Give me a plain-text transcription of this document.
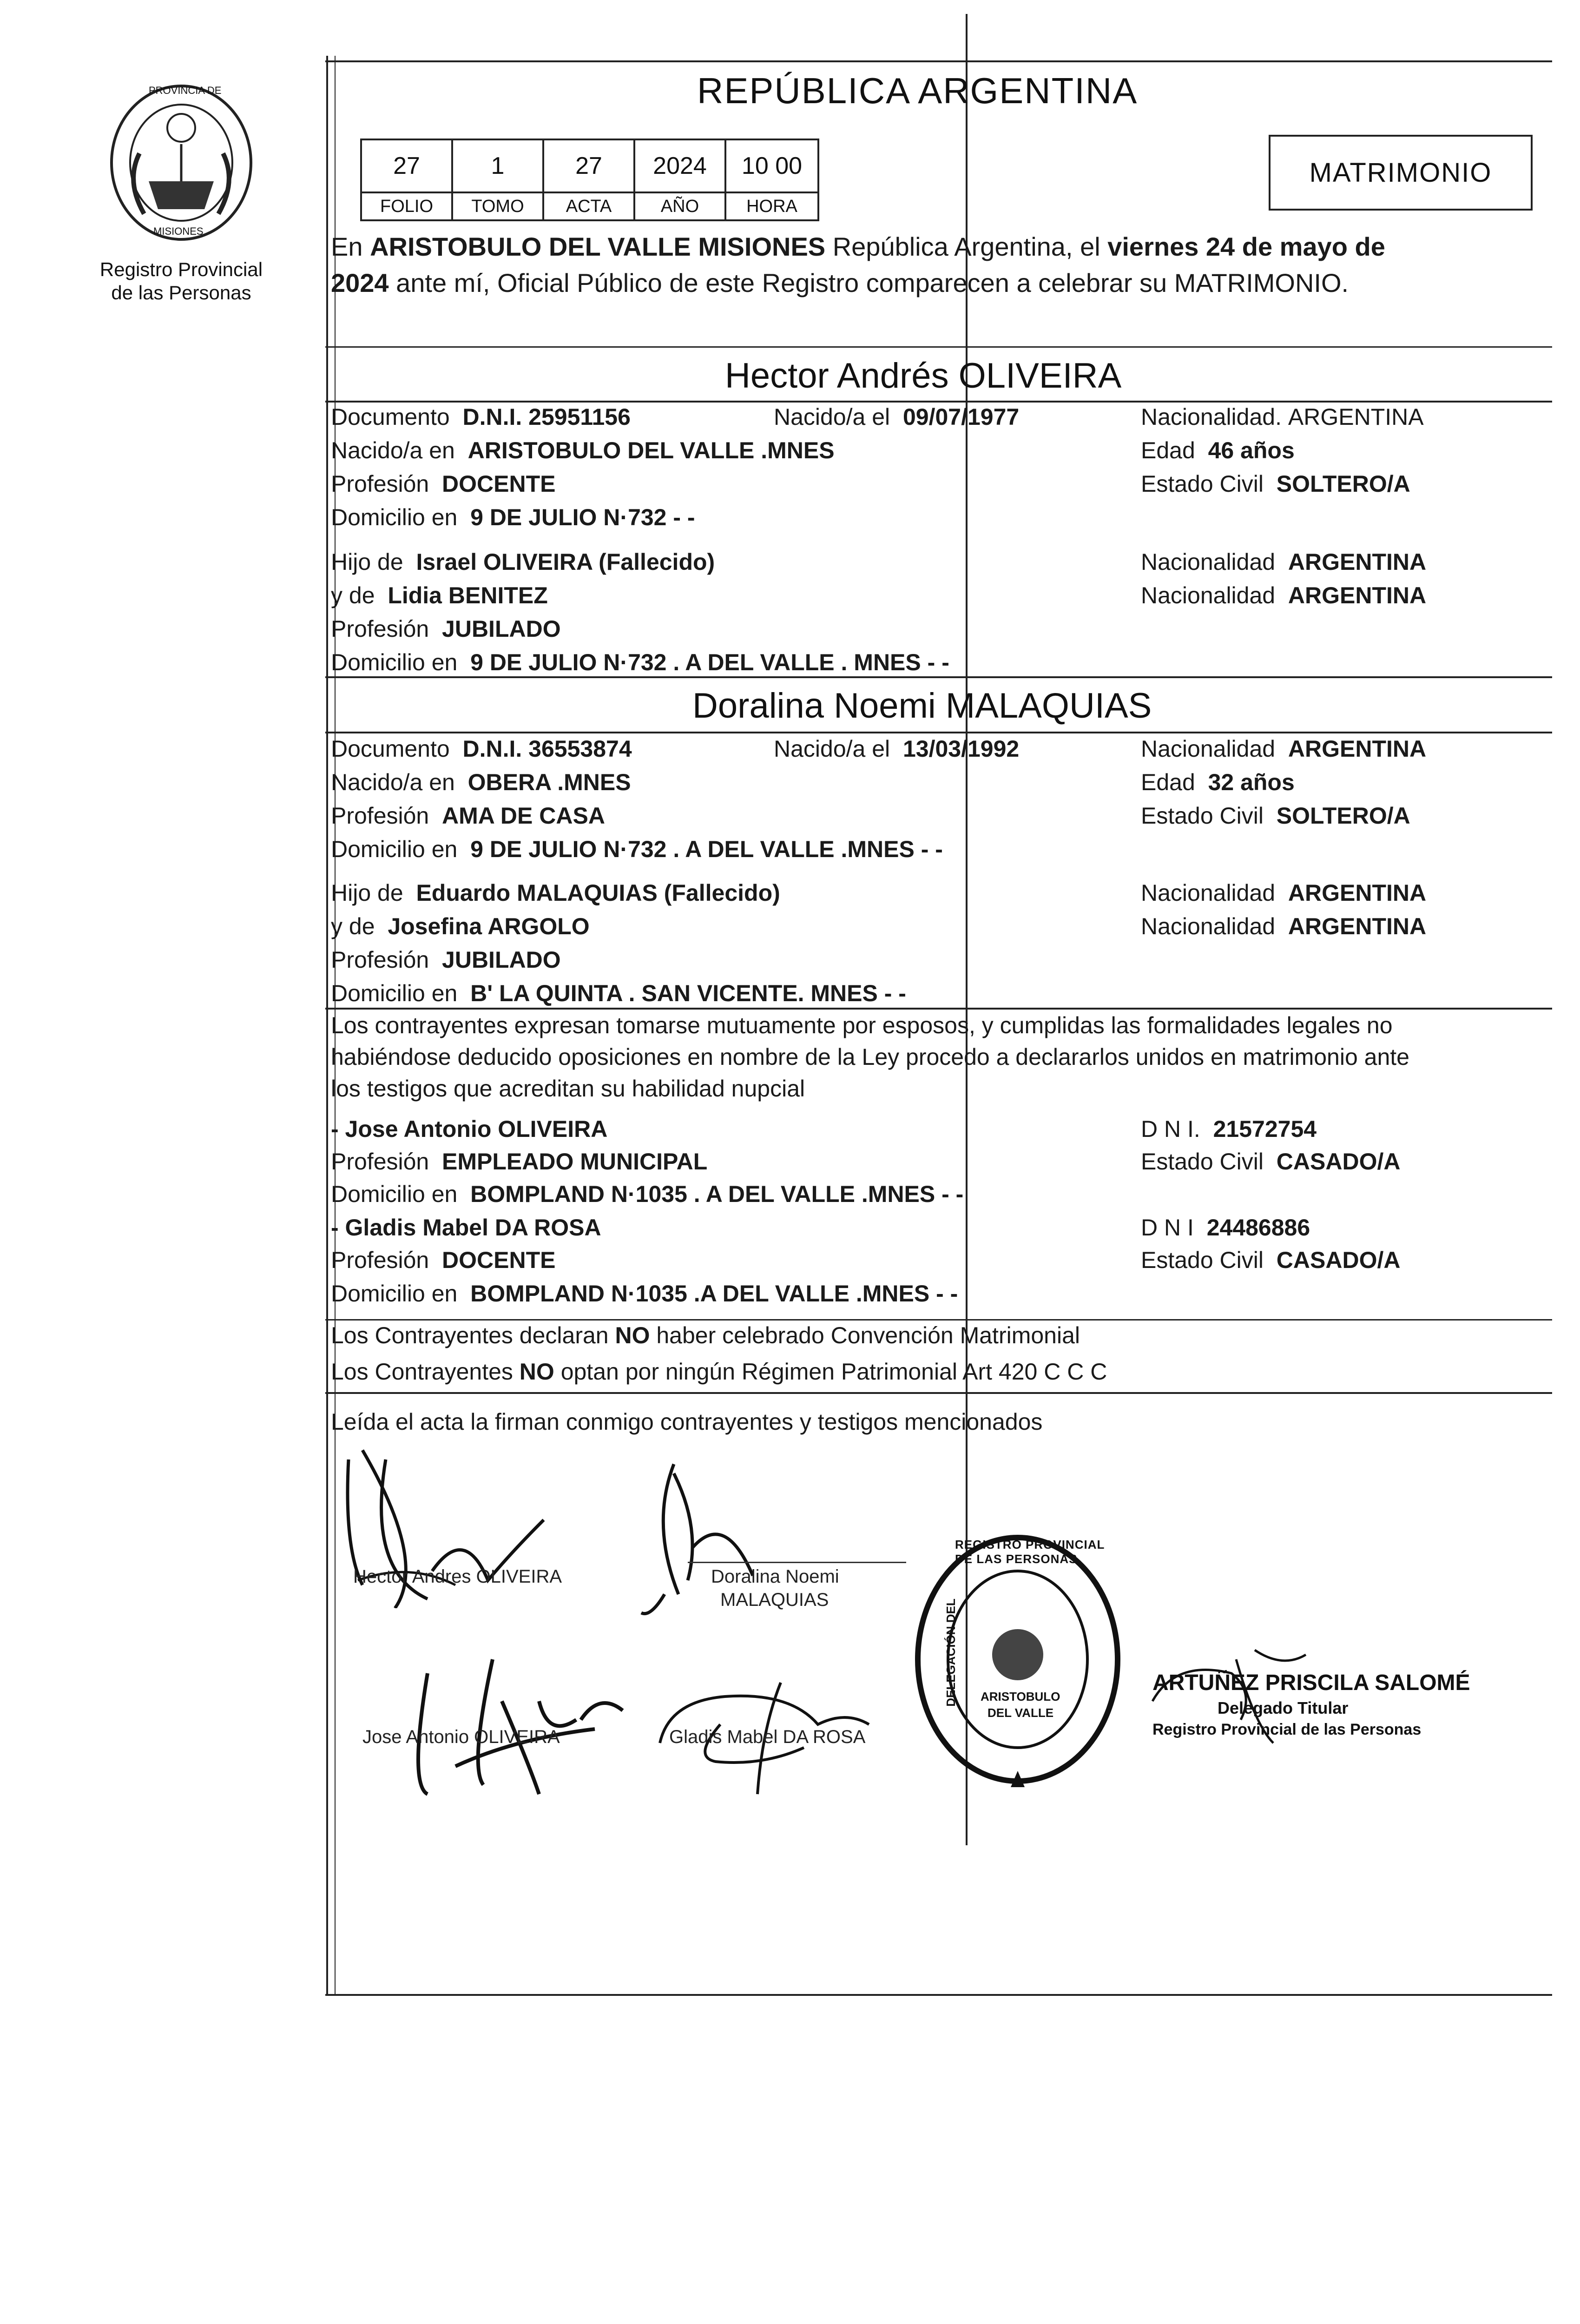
PROVINCIA DE
MISIONES
Registro Provincial
de las Personas
REPÚBLICA ARGENTINA
27	1	27	2024	10 00
FOLIO	TOMO	ACTA	AÑO	HORA
MATRIMONIO
En ARISTOBULO DEL VALLE MISIONES República Argentina, el viernes 24 de mayo de
2024 ante mí, Oficial Público de este Registro comparecen a celebrar su MATRIMONIO.
Hector Andrés OLIVEIRA
Documento D.N.I. 25951156	Nacido/a el 09/07/1977	Nacionalidad. ARGENTINA
Nacido/a en ARISTOBULO DEL VALLE .MNES	Edad 46 años
Profesión DOCENTE	Estado Civil SOLTERO/A
Domicilio en 9 DE JULIO N·732 - -
Hijo de Israel OLIVEIRA (Fallecido)	Nacionalidad ARGENTINA
y de Lidia BENITEZ	Nacionalidad ARGENTINA
Profesión JUBILADO
Domicilio en 9 DE JULIO N·732 . A DEL VALLE . MNES - -
Doralina Noemi MALAQUIAS
Documento D.N.I. 36553874	Nacido/a el 13/03/1992	Nacionalidad ARGENTINA
Nacido/a en OBERA .MNES	Edad 32 años
Profesión AMA DE CASA	Estado Civil SOLTERO/A
Domicilio en 9 DE JULIO N·732 . A DEL VALLE .MNES - -
Hijo de Eduardo MALAQUIAS (Fallecido)	Nacionalidad ARGENTINA
y de Josefina ARGOLO	Nacionalidad ARGENTINA
Profesión JUBILADO
Domicilio en B' LA QUINTA . SAN VICENTE. MNES - -
Los contrayentes expresan tomarse mutuamente por esposos, y cumplidas las formalidades legales no
habiéndose deducido oposiciones en nombre de la Ley procedo a declararlos unidos en matrimonio ante
los testigos que acreditan su habilidad nupcial
- Jose Antonio OLIVEIRA	D N I. 21572754
Profesión EMPLEADO MUNICIPAL	Estado Civil CASADO/A
Domicilio en BOMPLAND N·1035 . A DEL VALLE .MNES - -
- Gladis Mabel DA ROSA	D N I 24486886
Profesión DOCENTE	Estado Civil CASADO/A
Domicilio en BOMPLAND N·1035 .A DEL VALLE .MNES - -
Los Contrayentes declaran NO haber celebrado Convención Matrimonial
Los Contrayentes NO optan por ningún Régimen Patrimonial Art 420 C C C
Leída el acta la firman conmigo contrayentes y testigos mencionados
Hector Andres OLIVEIRA	Doralina Noemi
MALAQUIAS
Jose Antonio OLIVEIRA	Gladis Mabel DA ROSA
REGISTRO PROVINCIAL DE LAS PERSONAS
DELEGACIÓN DEL ARISTOBULO
DEL VALLE
ARTUÑEZ PRISCILA SALOMÉ
Delegado Titular
Registro Provincial de las Personas
